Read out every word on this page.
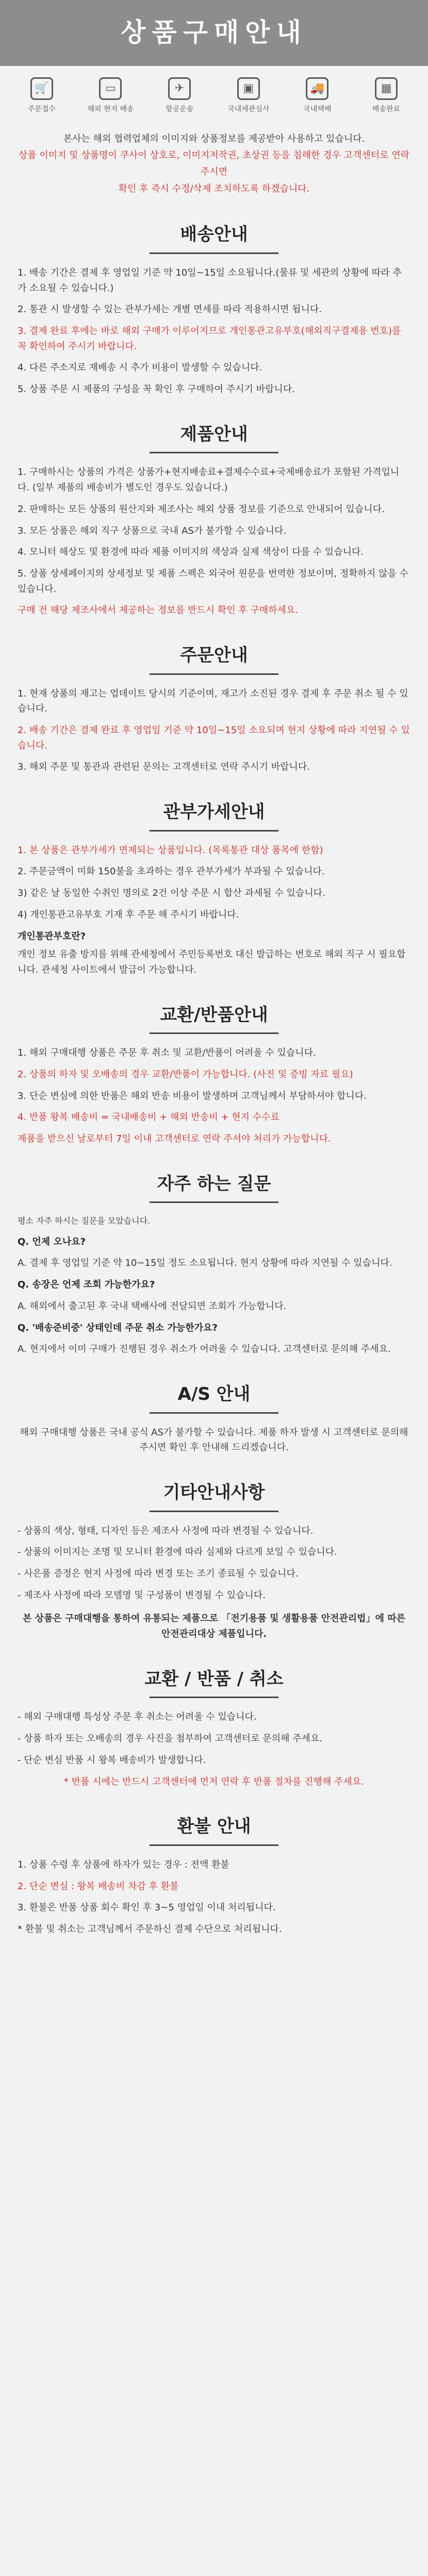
상품구매안내
🛒
주문접수
▭
해외 현지 배송
✈
항공운송
▣
국내세관심사
🚚
국내택배
▦
배송완료

본사는 해외 협력업체의 이미지와 상품정보를 제공받아 사용하고 있습니다.

상품 이미지 및 상품명이 쿠사이 상호로, 이미지저작권, 초상권 등을 침해한 경우 고객센터로 연락주시면

확인 후 즉시 수정/삭제 조치하도록 하겠습니다.

배송안내

1. 배송 기간은 결제 후 영업일 기준 약 10일~15일 소요됩니다.(물류 및 세관의 상황에 따라 추가 소요될 수 있습니다.)

2. 통관 시 발생할 수 있는 관부가세는 개별 면세를 따라 적용하시면 됩니다.

3. 결제 완료 후에는 바로 해외 구매가 이루어지므로 개인통관고유부호(해외직구결제용 번호)를 꼭 확인하여 주시기 바랍니다.

4. 다른 주소지로 재배송 시 추가 비용이 발생할 수 있습니다.

5. 상품 주문 시 제품의 구성을 꼭 확인 후 구매하여 주시기 바랍니다.

제품안내

1. 구매하시는 상품의 가격은 상품가+현지배송료+결제수수료+국제배송료가 포함된 가격입니다. (일부 제품의 배송비가 별도인 경우도 있습니다.)

2. 판매하는 모든 상품의 원산지와 제조사는 해외 상품 정보를 기준으로 안내되어 있습니다.

3. 모든 상품은 해외 직구 상품으로 국내 AS가 불가할 수 있습니다.

4. 모니터 해상도 및 환경에 따라 제품 이미지의 색상과 실제 색상이 다를 수 있습니다.

5. 상품 상세페이지의 상세정보 및 제품 스펙은 외국어 원문을 번역한 정보이며, 정확하지 않을 수 있습니다.

구매 전 해당 제조사에서 제공하는 정보를 반드시 확인 후 구매하세요.

주문안내

1. 현재 상품의 재고는 업데이트 당시의 기준이며, 재고가 소진된 경우 결제 후 주문 취소 될 수 있습니다.

2. 배송 기간은 결제 완료 후 영업일 기준 약 10일~15일 소요되며 현지 상황에 따라 지연될 수 있습니다.

3. 해외 주문 및 통관과 관련된 문의는 고객센터로 연락 주시기 바랍니다.

관부가세안내

1. 본 상품은 관부가세가 면제되는 상품입니다. (목록통관 대상 품목에 한함)

2. 주문금액이 미화 150불을 초과하는 경우 관부가세가 부과될 수 있습니다.

3) 같은 날 동일한 수취인 명의로 2건 이상 주문 시 합산 과세될 수 있습니다.

4) 개인통관고유부호 기재 후 주문 해 주시기 바랍니다.

개인통관부호란?

개인 정보 유출 방지를 위해 관세청에서 주민등록번호 대신 발급하는 번호로 해외 직구 시 필요합니다. 관세청 사이트에서 발급이 가능합니다.

교환/반품안내

1. 해외 구매대행 상품은 주문 후 취소 및 교환/반품이 어려울 수 있습니다.

2. 상품의 하자 및 오배송의 경우 교환/반품이 가능합니다. (사진 및 증빙 자료 필요)

3. 단순 변심에 의한 반품은 해외 반송 비용이 발생하며 고객님께서 부담하셔야 합니다.

4. 반품 왕복 배송비 = 국내배송비 + 해외 반송비 + 현지 수수료

제품을 받으신 날로부터 7일 이내 고객센터로 연락 주셔야 처리가 가능합니다.

자주 하는 질문

평소 자주 하시는 질문을 모았습니다.

Q. 언제 오나요?

A. 결제 후 영업일 기준 약 10~15일 정도 소요됩니다. 현지 상황에 따라 지연될 수 있습니다.

Q. 송장은 언제 조회 가능한가요?

A. 해외에서 출고된 후 국내 택배사에 전달되면 조회가 가능합니다.

Q. '배송준비중' 상태인데 주문 취소 가능한가요?

A. 현지에서 이미 구매가 진행된 경우 취소가 어려울 수 있습니다. 고객센터로 문의해 주세요.

A/S 안내

해외 구매대행 상품은 국내 공식 AS가 불가할 수 있습니다. 제품 하자 발생 시 고객센터로 문의해 주시면 확인 후 안내해 드리겠습니다.

기타안내사항

- 상품의 색상, 형태, 디자인 등은 제조사 사정에 따라 변경될 수 있습니다.

- 상품의 이미지는 조명 및 모니터 환경에 따라 실제와 다르게 보일 수 있습니다.

- 사은품 증정은 현지 사정에 따라 변경 또는 조기 종료될 수 있습니다.

- 제조사 사정에 따라 모델명 및 구성품이 변경될 수 있습니다.

본 상품은 구매대행을 통하여 유통되는 제품으로 「전기용품 및 생활용품 안전관리법」에 따른 안전관리대상 제품입니다.

교환 / 반품 / 취소

- 해외 구매대행 특성상 주문 후 취소는 어려울 수 있습니다.

- 상품 하자 또는 오배송의 경우 사진을 첨부하여 고객센터로 문의해 주세요.

- 단순 변심 반품 시 왕복 배송비가 발생합니다.

* 반품 시에는 반드시 고객센터에 먼저 연락 후 반품 절차를 진행해 주세요.

환불 안내

1. 상품 수령 후 상품에 하자가 있는 경우 : 전액 환불

2. 단순 변심 : 왕복 배송비 차감 후 환불

3. 환불은 반품 상품 회수 확인 후 3~5 영업일 이내 처리됩니다.

* 환불 및 취소는 고객님께서 주문하신 결제 수단으로 처리됩니다.
